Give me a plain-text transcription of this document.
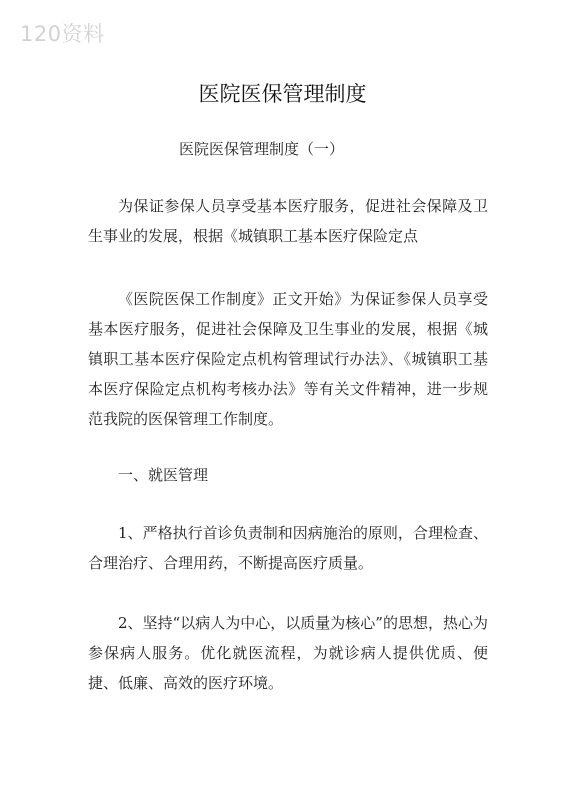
120资料
医院医保管理制度
医院医保管理制度（一）

为保证参保人员享受基本医疗服务，促进社会保障及卫生事业的发展，根据《城镇职工基本医疗保险定点

《医院医保工作制度》正文开始》为保证参保人员享受基本医疗服务，促进社会保障及卫生事业的发展，根据《城镇职工基本医疗保险定点机构管理试行办法》、《城镇职工基本医疗保险定点机构考核办法》等有关文件精神，进一步规范我院的医保管理工作制度。

一、就医管理

1、严格执行首诊负责制和因病施治的原则，合理检查、合理治疗、合理用药，不断提高医疗质量。

2、坚持“以病人为中心，以质量为核心”的思想，热心为参保病人服务。优化就医流程，为就诊病人提供优质、便捷、低廉、高效的医疗环境。
